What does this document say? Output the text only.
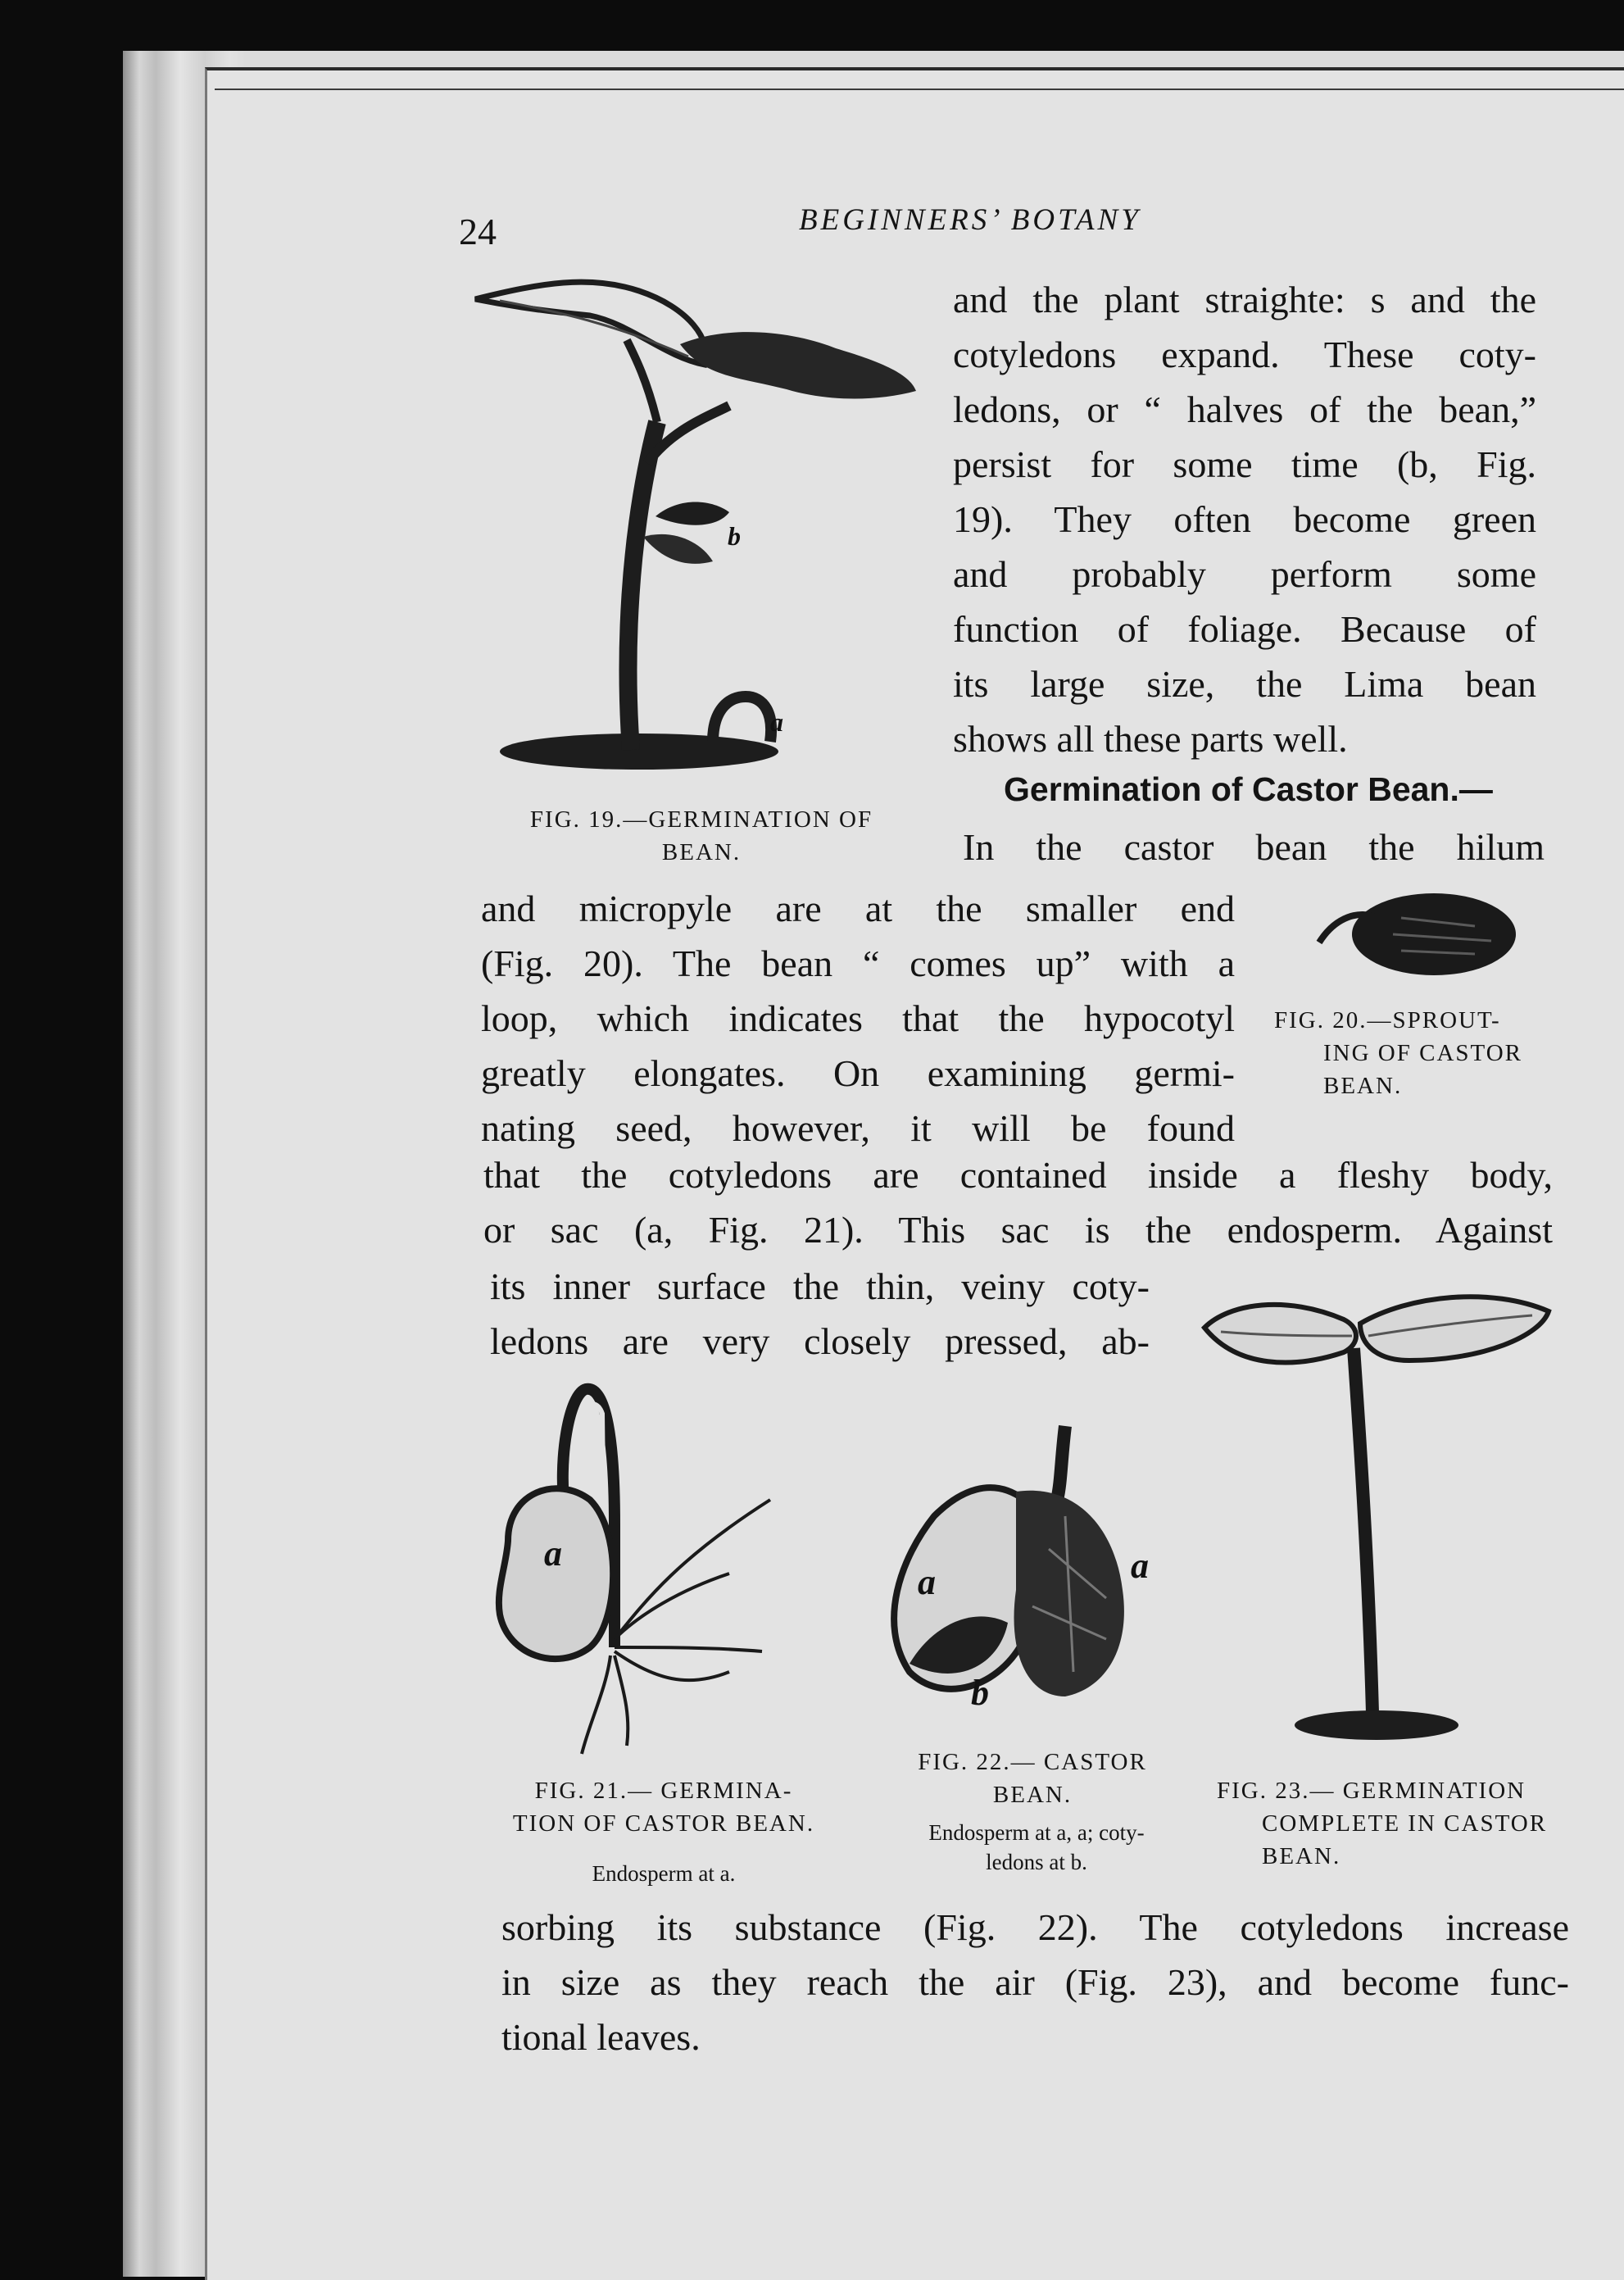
24	BEGINNERS’ BOTANY

and the plant straighte: s and the

cotyledons expand. These coty-

ledons, or “ halves of the bean,”

persist for some time (b, Fig.

19). They often become green

and probably perform some

function of foliage. Because of

its large size, the Lima bean

shows all these parts well.

Germination of Castor Bean.—

In the castor bean the hilum

and micropyle are at the smaller end

(Fig. 20). The bean “ comes up” with a

loop, which indicates that the hypocotyl

greatly elongates. On examining germi-

nating seed, however, it will be found

that the cotyledons are contained inside a fleshy body,

or sac (a, Fig. 21). This sac is the endosperm. Against

its inner surface the thin, veiny coty-

ledons are very closely pressed, ab-

sorbing its substance (Fig. 22). The cotyledons increase

in size as they reach the air (Fig. 23), and become func-

tional leaves.

b
a
FIG. 19.—GERMINATION OF
BEAN.
FIG. 20.—SPROUT-
ING OF CASTOR
BEAN.
a
FIG. 21.— GERMINA-
TION OF CASTOR BEAN.
Endosperm at a.
a	a
b
FIG. 22.— CASTOR
BEAN.
Endosperm at a, a; coty-
ledons at b.
FIG. 23.— GERMINATION
COMPLETE IN CASTOR
BEAN.
